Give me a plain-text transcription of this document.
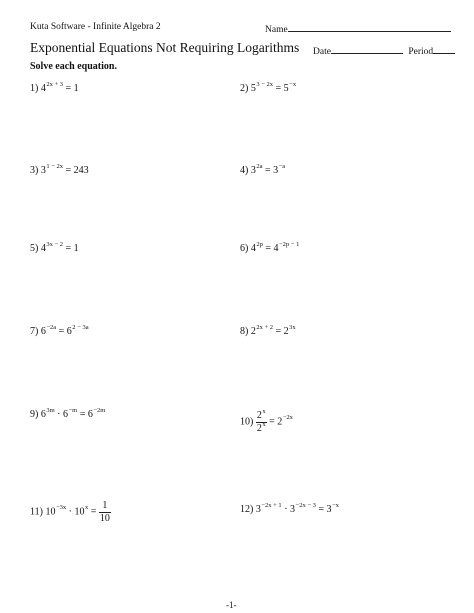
Kuta Software - Infinite Algebra 2	Name
Exponential Equations Not Requiring Logarithms Date	Period
Solve each equation.
1) $4^{2x + 3} = 1$	2) $5^{3 - 2x} = 5^{-x}$
3) $3^{1 - 2x} = 243$	4) $3^{2a} = 3^{-a}$
5) $4^{3x - 2} = 1$	6) $4^{2p} = 4^{-2p - 1}$
7) $6^{-2a} = 6^{2 - 3a}$	8) $2^{2x + 2} = 2^{3x}$
9) $6^{3m} \cdot 6^{-m} = 6^{-2m}$
$10) \frac{2^x}{2^x} = 2^{-2x}$
11) $10^{-3x} \cdot 10^x = \frac{1}{10}$	12) $3^{-2x + 1} \cdot 3^{-2x - 3} = 3^{-x}$
-1-
